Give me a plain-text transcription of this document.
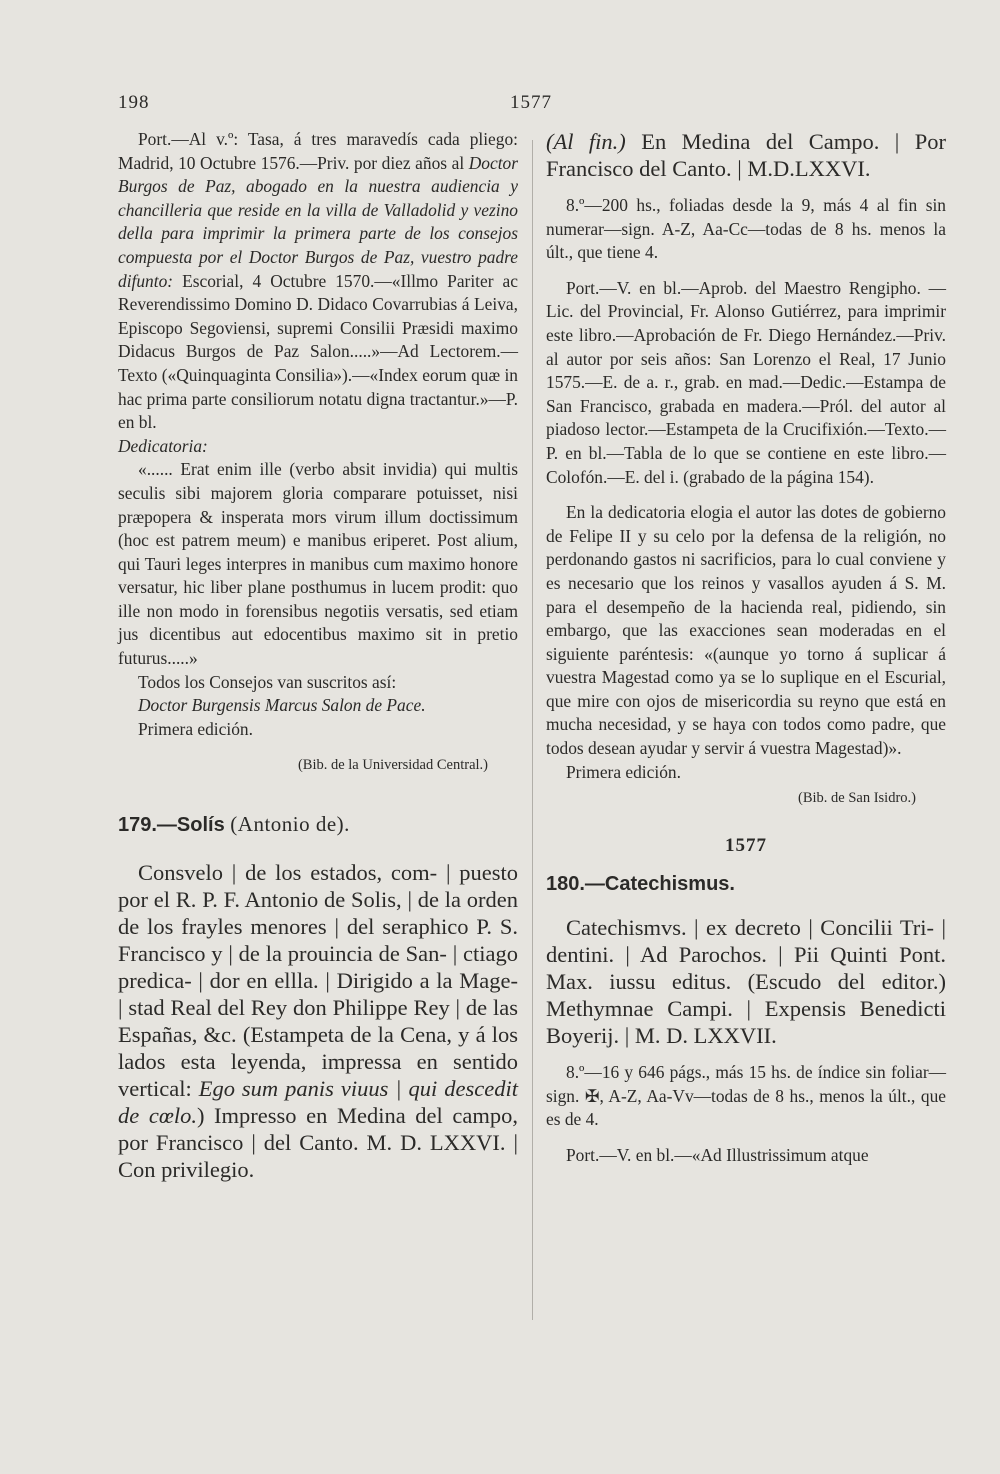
198	1577

Port.—Al v.º: Tasa, á tres maravedís cada pliego: Madrid, 10 Octubre 1576.—Priv. por diez años al Doctor Burgos de Paz, abogado en la nuestra audiencia y chancilleria que reside en la villa de Valladolid y vezino della para imprimir la primera parte de los consejos compuesta por el Doctor Burgos de Paz, vuestro padre difunto: Escorial, 4 Octubre 1570.—«Illmo Pariter ac Reverendissimo Domino D. Didaco Covarrubias á Leiva, Episcopo Segoviensi, supremi Consilii Præsidi maximo Didacus Burgos de Paz Salon.....»—Ad Lectorem.—Texto («Quinquaginta Consilia»).—«Index eorum quæ in hac prima parte consiliorum notatu digna tractantur.»—P. en bl.

Dedicatoria:

«...... Erat enim ille (verbo absit invidia) qui multis seculis sibi majorem gloria comparare potuisset, nisi præpopera & insperata mors virum illum doctissimum (hoc est patrem meum) e manibus eriperet. Post alium, qui Tauri leges interpres in manibus cum maximo honore versatur, hic liber plane posthumus in lucem prodit: quo ille non modo in forensibus negotiis versatis, sed etiam jus dicentibus aut edocentibus maximo sit in pretio futurus.....»

Todos los Consejos van suscritos así:

Doctor Burgensis Marcus Salon de Pace.

Primera edición.

(Bib. de la Universidad Central.)

179.—Solís (Antonio de).

Consvelo | de los estados, com- | puesto por el R. P. F. Antonio de Solis, | de la orden de los frayles menores | del seraphico P. S. Francisco y | de la prouincia de San- | ctiago predica- | dor en ellla. | Dirigido a la Mage- | stad Real del Rey don Philippe Rey | de las Españas, &c. (Estampeta de la Cena, y á los lados esta leyenda, impressa en sentido vertical: Ego sum panis viuus | qui descedit de cœlo.) Impresso en Medina del campo, por Francisco | del Canto. M. D. LXXVI. | Con privilegio.

(Al fin.) En Medina del Campo. | Por Francisco del Canto. | M.D.LXXVI.

8.º—200 hs., foliadas desde la 9, más 4 al fin sin numerar—sign. A-Z, Aa-Cc—todas de 8 hs. menos la últ., que tiene 4.

Port.—V. en bl.—Aprob. del Maestro Rengipho. — Lic. del Provincial, Fr. Alonso Gutiérrez, para imprimir este libro.—Aprobación de Fr. Diego Hernández.—Priv. al autor por seis años: San Lorenzo el Real, 17 Junio 1575.—E. de a. r., grab. en mad.—Dedic.—Estampa de San Francisco, grabada en madera.—Pról. del autor al piadoso lector.—Estampeta de la Crucifixión.—Texto.—P. en bl.—Tabla de lo que se contiene en este libro.—Colofón.—E. del i. (grabado de la página 154).

En la dedicatoria elogia el autor las dotes de gobierno de Felipe II y su celo por la defensa de la religión, no perdonando gastos ni sacrificios, para lo cual conviene y es necesario que los reinos y vasallos ayuden á S. M. para el desempeño de la hacienda real, pidiendo, sin embargo, que las exacciones sean moderadas en el siguiente paréntesis: «(aunque yo torno á suplicar á vuestra Magestad como ya se lo suplique en el Escurial, que mire con ojos de misericordia su reyno que está en mucha necesidad, y se haya con todos como padre, que todos desean ayudar y servir á vuestra Magestad)».

Primera edición.

(Bib. de San Isidro.)

1577

180.—Catechismus.

Catechismvs. | ex decreto | Concilii Tri- | dentini. | Ad Parochos. | Pii Quinti Pont. Max. iussu editus. (Escudo del editor.) Methymnae Campi. | Expensis Benedicti Boyerij. | M. D. LXXVII.

8.º—16 y 646 págs., más 15 hs. de índice sin foliar—sign. ✠, A-Z, Aa-Vv—todas de 8 hs., menos la últ., que es de 4.

Port.—V. en bl.—«Ad Illustrissimum atque
